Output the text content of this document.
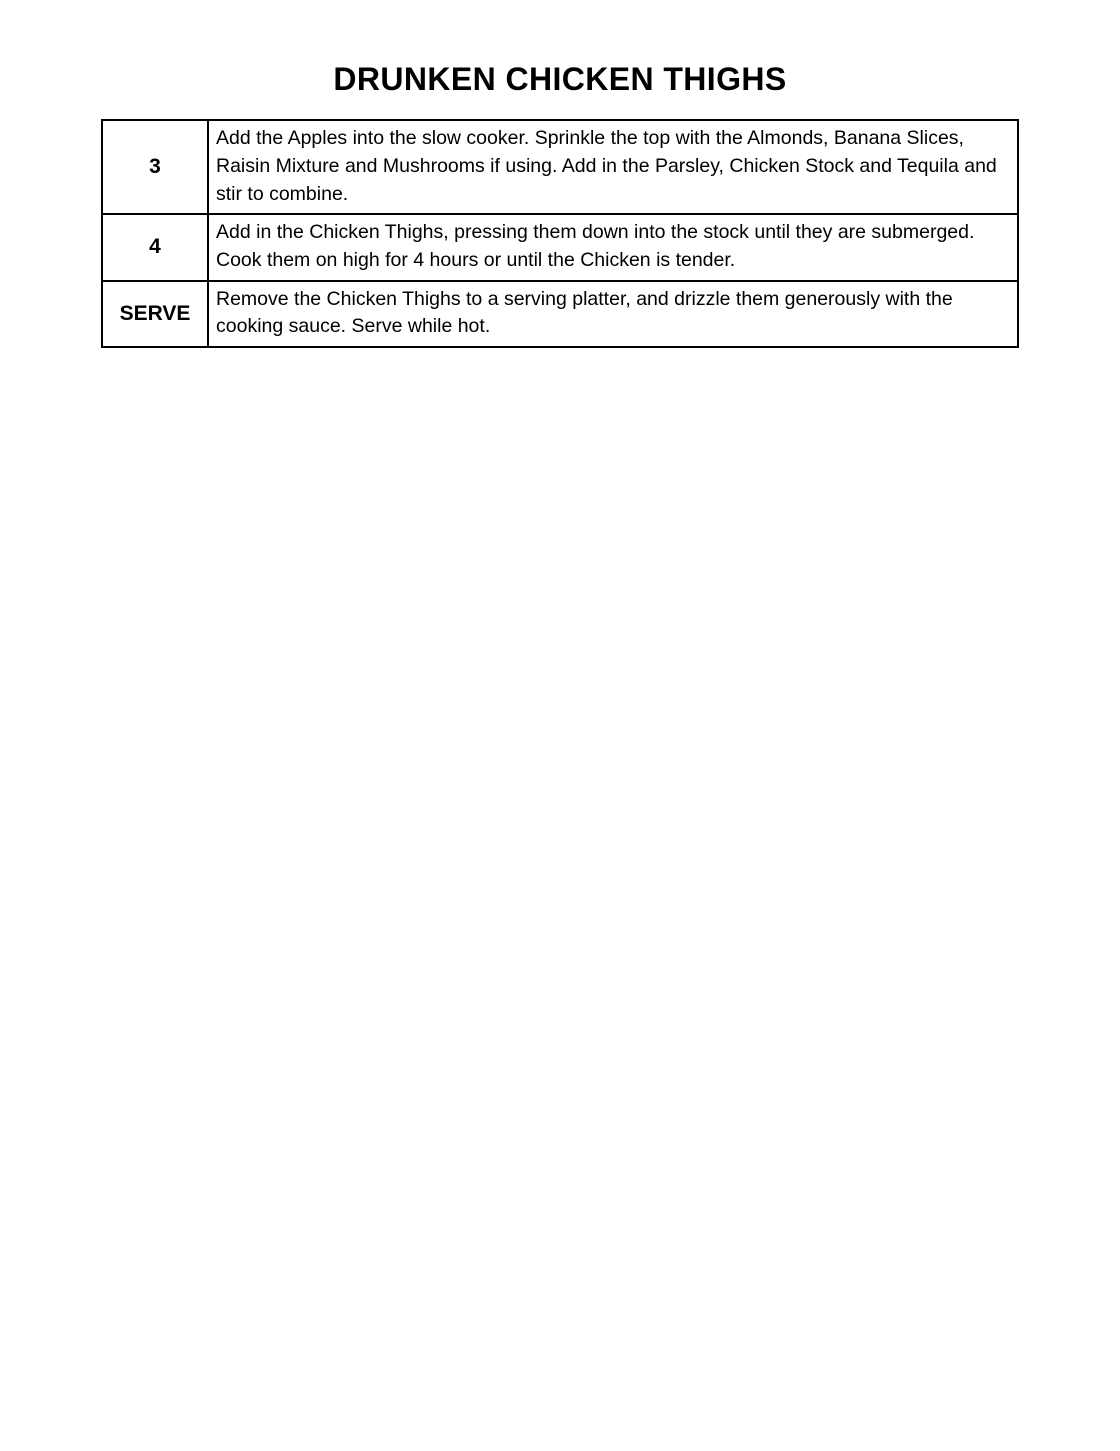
DRUNKEN CHICKEN THIGHS
3	Add the Apples into the slow cooker. Sprinkle the top with the Almonds, Banana Slices, Raisin Mixture and Mushrooms if using. Add in the Parsley, Chicken Stock and Tequila and stir to combine.
4	Add in the Chicken Thighs, pressing them down into the stock until they are submerged. Cook them on high for 4 hours or until the Chicken is tender.
SERVE	Remove the Chicken Thighs to a serving platter, and drizzle them generously with the cooking sauce. Serve while hot.
